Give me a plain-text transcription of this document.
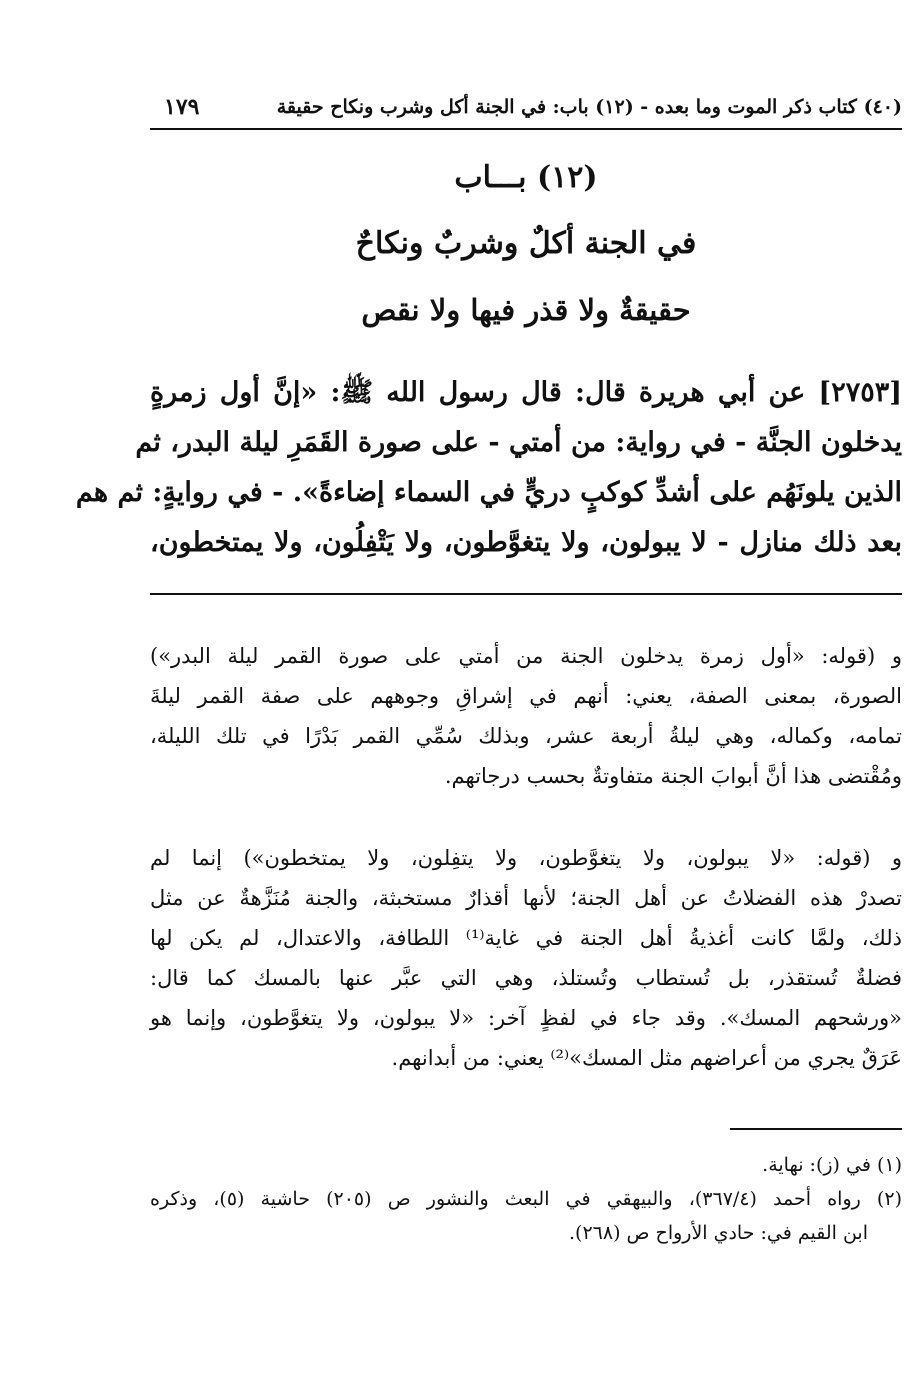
(٤٠) كتاب ذكر الموت وما بعده - (١٢) باب: في الجنة أكل وشرب ونكاح حقيقة
١٧٩
(١٢) بـــاب
في الجنة أكلٌ وشربٌ ونكاحٌ
حقيقةٌ ولا قذر فيها ولا نقص
[٢٧٥٣] عن أبي هريرة قال: قال رسول الله ﷺ: «إنَّ أول زمرةٍ
يدخلون الجنَّة - في رواية: من أمتي - على صورة القَمَرِ ليلة البدر، ثم
الذين يلونَهُم على أشدِّ كوكبٍ دريٍّ في السماء إضاءةً». - في روايةٍ: ثم هم
بعد ذلك منازل - لا يبولون، ولا يتغوَّطون، ولا يَتْفِلُون، ولا يمتخطون،
و (قوله: «أول زمرة يدخلون الجنة من أمتي على صورة القمر ليلة البدر»)
الصورة، بمعنى الصفة، يعني: أنهم في إشراقِ وجوههم على صفة القمر ليلةَ
تمامه، وكماله، وهي ليلةُ أربعة عشر، وبذلك سُمِّي القمر بَدْرًا في تلك الليلة،
ومُقْتضى هذا أنَّ أبوابَ الجنة متفاوتةٌ بحسب درجاتهم.
و (قوله: «لا يبولون، ولا يتغوَّطون، ولا يتفِلون، ولا يمتخطون») إنما لم
تصدرْ هذه الفضلاتُ عن أهل الجنة؛ لأنها أقذارٌ مستخبثة، والجنة مُنَزَّهةٌ عن مثل
ذلك، ولمَّا كانت أغذيةُ أهل الجنة في غاية⁽¹⁾ اللطافة، والاعتدال، لم يكن لها
فضلةٌ تُستقذر، بل تُستطاب وتُستلذ، وهي التي عبَّر عنها بالمسك كما قال:
«ورشحهم المسك». وقد جاء في لفظٍ آخر: «لا يبولون، ولا يتغوَّطون، وإنما هو
عَرَقٌ يجري من أعراضهم مثل المسك»⁽²⁾ يعني: من أبدانهم.
(١) في (ز): نهاية.
(٢) رواه أحمد (٣٦٧/٤)، والبيهقي في البعث والنشور ص (٢٠٥) حاشية (٥)، وذكره
ابن القيم في: حادي الأرواح ص (٢٦٨).
